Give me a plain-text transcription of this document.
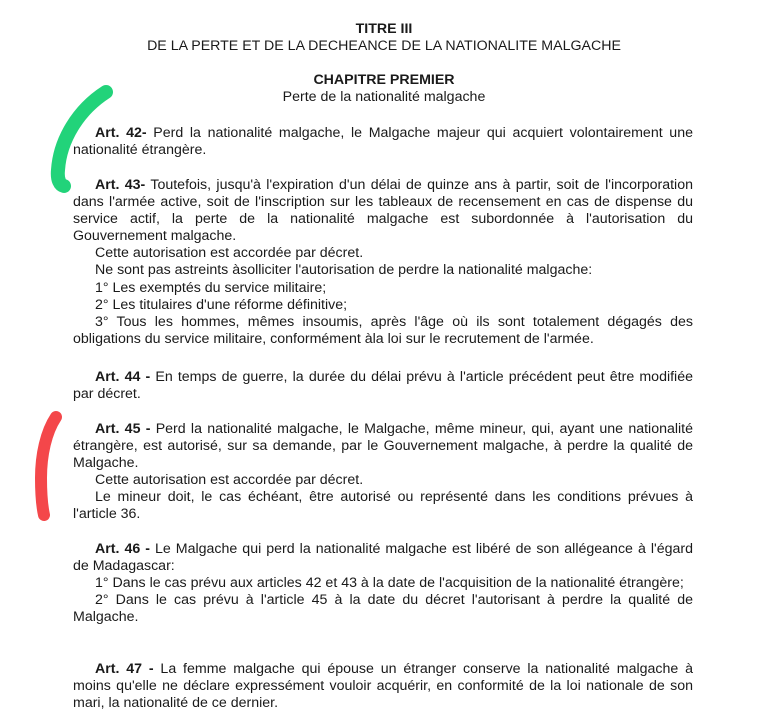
TITRE III
DE LA PERTE ET DE LA DECHEANCE DE LA NATIONALITE MALGACHE
CHAPITRE PREMIER
Perte de la nationalité malgache

Art. 42- Perd la nationalité malgache, le Malgache majeur qui acquiert volontairement une nationalité étrangère.

Art. 43- Toutefois, jusqu'à l'expiration d'un délai de quinze ans à partir, soit de l'incorporation dans l'armée active, soit de l'inscription sur les tableaux de recensement en cas de dispense du service actif, la perte de la nationalité malgache est subordonnée à l'autorisation du Gouvernement malgache.

Cette autorisation est accordée par décret.

Ne sont pas astreints àsolliciter l'autorisation de perdre la nationalité malgache:

1° Les exemptés du service militaire;

2° Les titulaires d'une réforme définitive;

3° Tous les hommes, mêmes insoumis, après l'âge où ils sont totalement dégagés des obligations du service militaire, conformément àla loi sur le recrutement de l'armée.

Art. 44 - En temps de guerre, la durée du délai prévu à l'article précédent peut être modifiée par décret.

Art. 45 - Perd la nationalité malgache, le Malgache, même mineur, qui, ayant une nationalité étrangère, est autorisé, sur sa demande, par le Gouvernement malgache, à perdre la qualité de Malgache.

Cette autorisation est accordée par décret.

Le mineur doit, le cas échéant, être autorisé ou représenté dans les conditions prévues à l'article 36.

Art. 46 - Le Malgache qui perd la nationalité malgache est libéré de son allégeance à l'égard de Madagascar:

1° Dans le cas prévu aux articles 42 et 43 à la date de l'acquisition de la nationalité étrangère;

2° Dans le cas prévu à l'article 45 à la date du décret l'autorisant à perdre la qualité de Malgache.

Art. 47 - La femme malgache qui épouse un étranger conserve la nationalité malgache à moins qu'elle ne déclare expressément vouloir acquérir, en conformité de la loi nationale de son mari, la nationalité de ce dernier.
